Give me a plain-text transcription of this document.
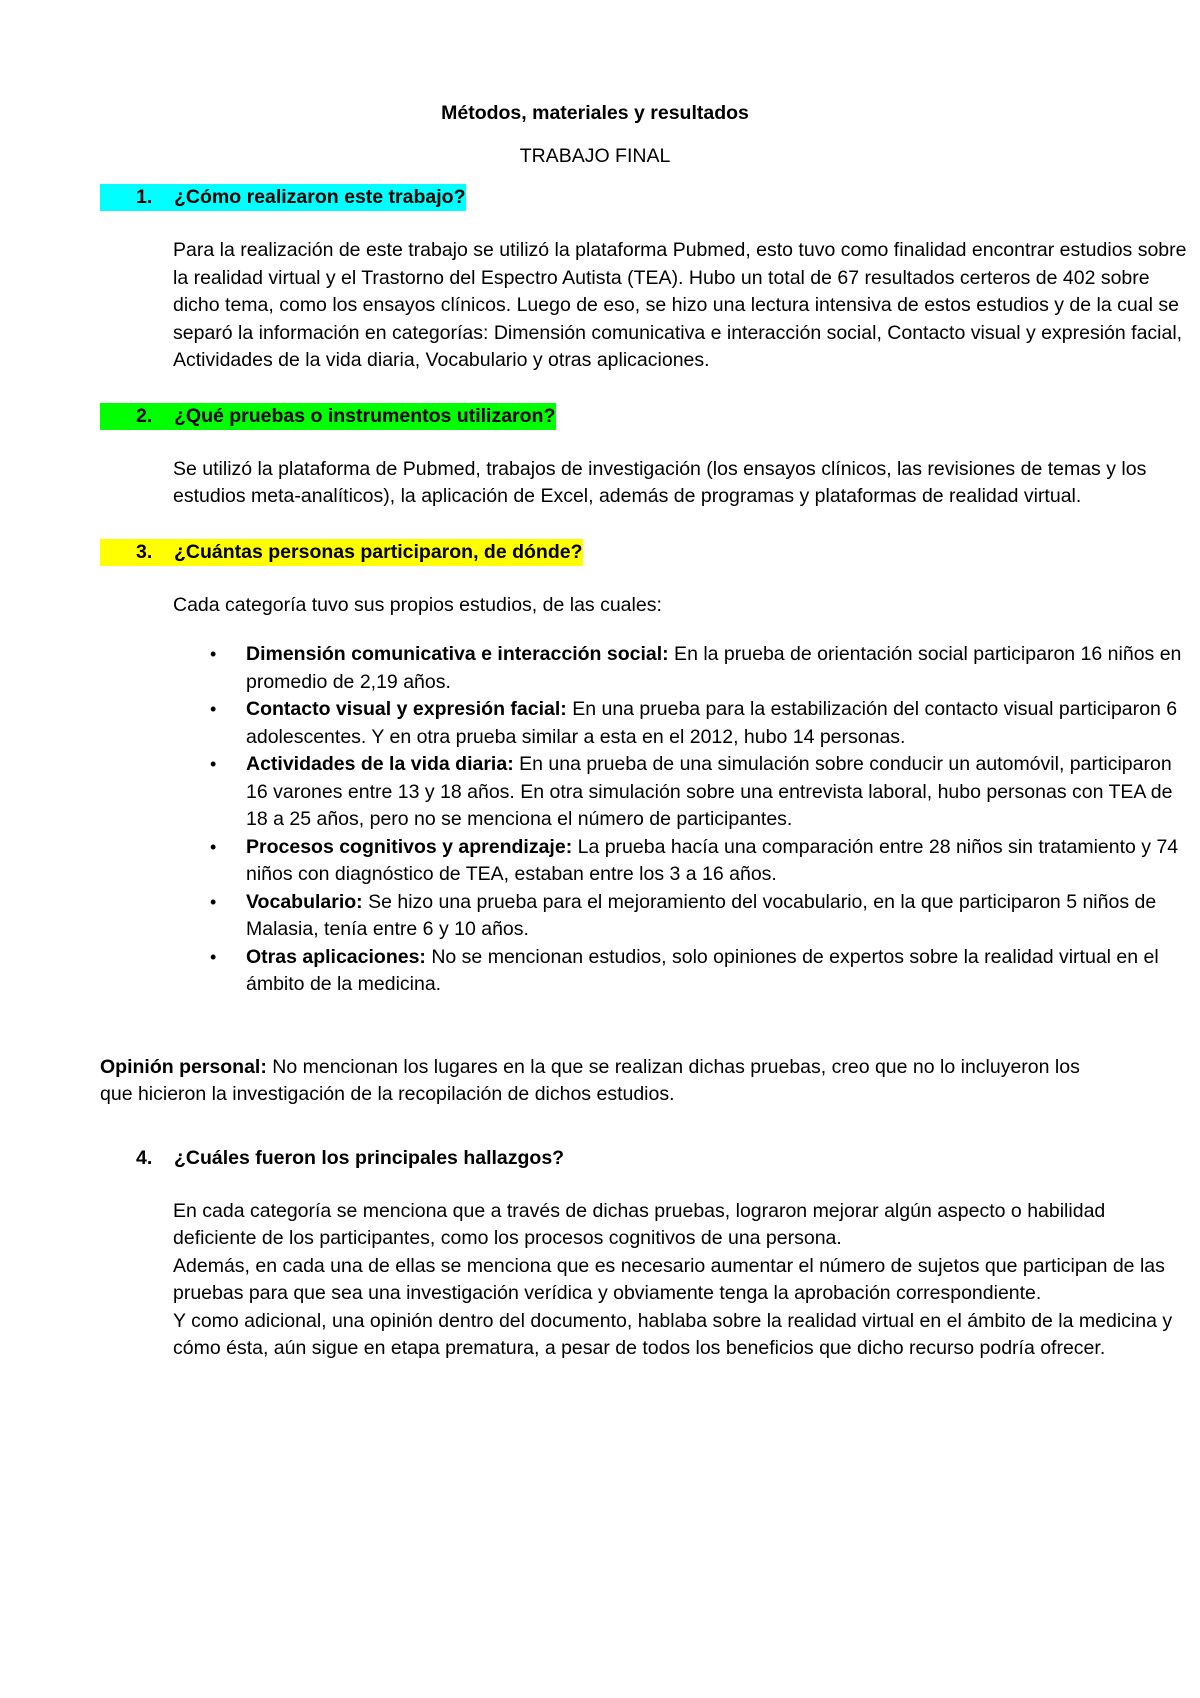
Métodos, materiales y resultados
TRABAJO FINAL
1.	¿Cómo realizaron este trabajo?
Para la realización de este trabajo se utilizó la plataforma Pubmed, esto tuvo como finalidad encontrar estudios sobre la realidad virtual y el Trastorno del Espectro Autista (TEA). Hubo un total de 67 resultados certeros de 402 sobre dicho tema, como los ensayos clínicos. Luego de eso, se hizo una lectura intensiva de estos estudios y de la cual se separó la información en categorías: Dimensión comunicativa e interacción social, Contacto visual y expresión facial, Actividades de la vida diaria, Vocabulario y otras aplicaciones.
2.	¿Qué pruebas o instrumentos utilizaron?
Se utilizó la plataforma de Pubmed, trabajos de investigación (los ensayos clínicos, las revisiones de temas y los estudios meta-analíticos), la aplicación de Excel, además de programas y plataformas de realidad virtual.
3.	¿Cuántas personas participaron, de dónde?
Cada categoría tuvo sus propios estudios, de las cuales:
• Dimensión comunicativa e interacción social: En la prueba de orientación social participaron 16 niños en promedio de 2,19 años.
• Contacto visual y expresión facial: En una prueba para la estabilización del contacto visual participaron 6 adolescentes. Y en otra prueba similar a esta en el 2012, hubo 14 personas.
• Actividades de la vida diaria: En una prueba de una simulación sobre conducir un automóvil, participaron 16 varones entre 13 y 18 años. En otra simulación sobre una entrevista laboral, hubo personas con TEA de 18 a 25 años, pero no se menciona el número de participantes.
• Procesos cognitivos y aprendizaje: La prueba hacía una comparación entre 28 niños sin tratamiento y 74 niños con diagnóstico de TEA, estaban entre los 3 a 16 años.
• Vocabulario: Se hizo una prueba para el mejoramiento del vocabulario, en la que participaron 5 niños de Malasia, tenía entre 6 y 10 años.
• Otras aplicaciones: No se mencionan estudios, solo opiniones de expertos sobre la realidad virtual en el ámbito de la medicina.
Opinión personal: No mencionan los lugares en la que se realizan dichas pruebas, creo que no lo incluyeron los que hicieron la investigación de la recopilación de dichos estudios.
4.	¿Cuáles fueron los principales hallazgos?
En cada categoría se menciona que a través de dichas pruebas, lograron mejorar algún aspecto o habilidad deficiente de los participantes, como los procesos cognitivos de una persona.
Además, en cada una de ellas se menciona que es necesario aumentar el número de sujetos que participan de las pruebas para que sea una investigación verídica y obviamente tenga la aprobación correspondiente.
Y como adicional, una opinión dentro del documento, hablaba sobre la realidad virtual en el ámbito de la medicina y cómo ésta, aún sigue en etapa prematura, a pesar de todos los beneficios que dicho recurso podría ofrecer.
